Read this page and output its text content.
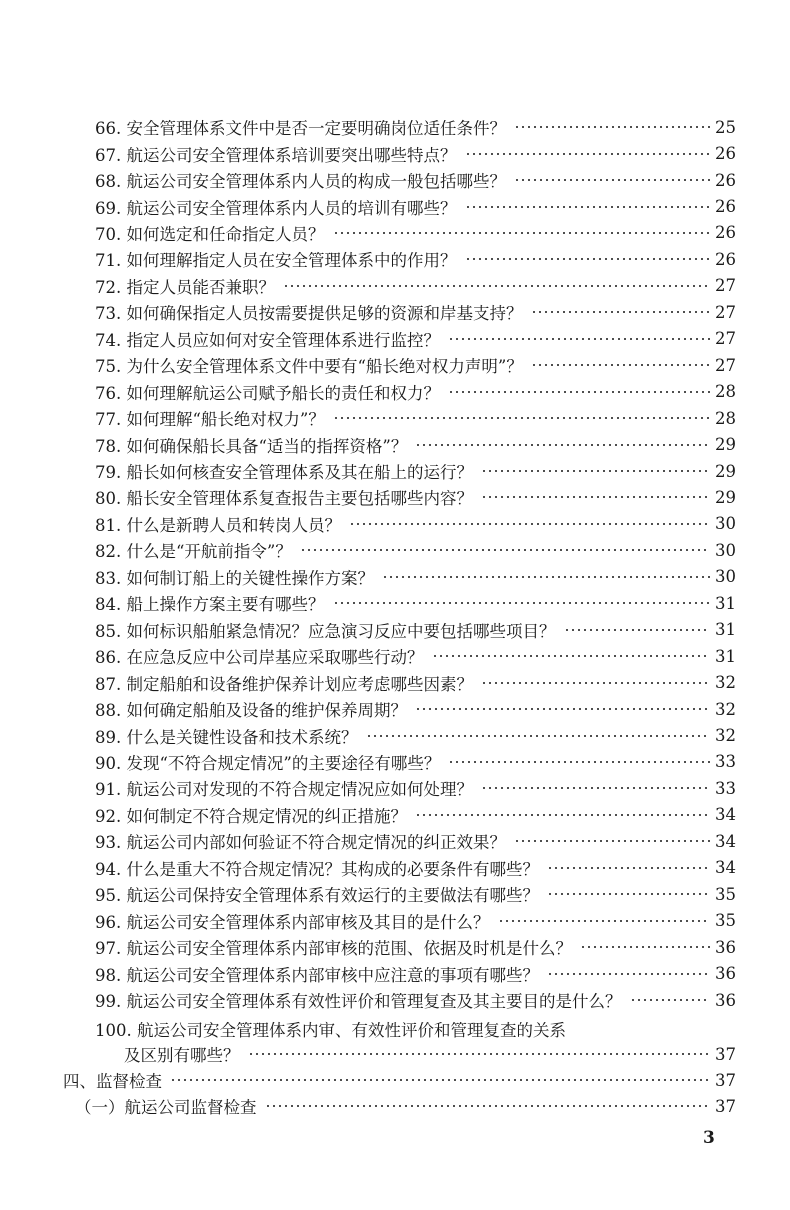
66. 安全管理体系文件中是否一定要明确岗位适任条件？	25
67. 航运公司安全管理体系培训要突出哪些特点？	26
68. 航运公司安全管理体系内人员的构成一般包括哪些？	26
69. 航运公司安全管理体系内人员的培训有哪些？	26
70. 如何选定和任命指定人员？	26
71. 如何理解指定人员在安全管理体系中的作用？	26
72. 指定人员能否兼职？	27
73. 如何确保指定人员按需要提供足够的资源和岸基支持？	27
74. 指定人员应如何对安全管理体系进行监控？	27
75. 为什么安全管理体系文件中要有“船长绝对权力声明”？	27
76. 如何理解航运公司赋予船长的责任和权力？	28
77. 如何理解“船长绝对权力”？	28
78. 如何确保船长具备“适当的指挥资格”？	29
79. 船长如何核查安全管理体系及其在船上的运行？	29
80. 船长安全管理体系复查报告主要包括哪些内容？	29
81. 什么是新聘人员和转岗人员？	30
82. 什么是“开航前指令”？	30
83. 如何制订船上的关键性操作方案？	30
84. 船上操作方案主要有哪些？	31
85. 如何标识船舶紧急情况？应急演习反应中要包括哪些项目？	31
86. 在应急反应中公司岸基应采取哪些行动？	31
87. 制定船舶和设备维护保养计划应考虑哪些因素？	32
88. 如何确定船舶及设备的维护保养周期？	32
89. 什么是关键性设备和技术系统？	32
90. 发现“不符合规定情况”的主要途径有哪些？	33
91. 航运公司对发现的不符合规定情况应如何处理？	33
92. 如何制定不符合规定情况的纠正措施？	34
93. 航运公司内部如何验证不符合规定情况的纠正效果？	34
94. 什么是重大不符合规定情况？其构成的必要条件有哪些？	34
95. 航运公司保持安全管理体系有效运行的主要做法有哪些？	35
96. 航运公司安全管理体系内部审核及其目的是什么？	35
97. 航运公司安全管理体系内部审核的范围、依据及时机是什么？	36
98. 航运公司安全管理体系内部审核中应注意的事项有哪些？	36
99. 航运公司安全管理体系有效性评价和管理复查及其主要目的是什么？	36
100. 航运公司安全管理体系内审、有效性评价和管理复查的关系
及区别有哪些？	37
四、监督检查	37
（一）航运公司监督检查	37
3
